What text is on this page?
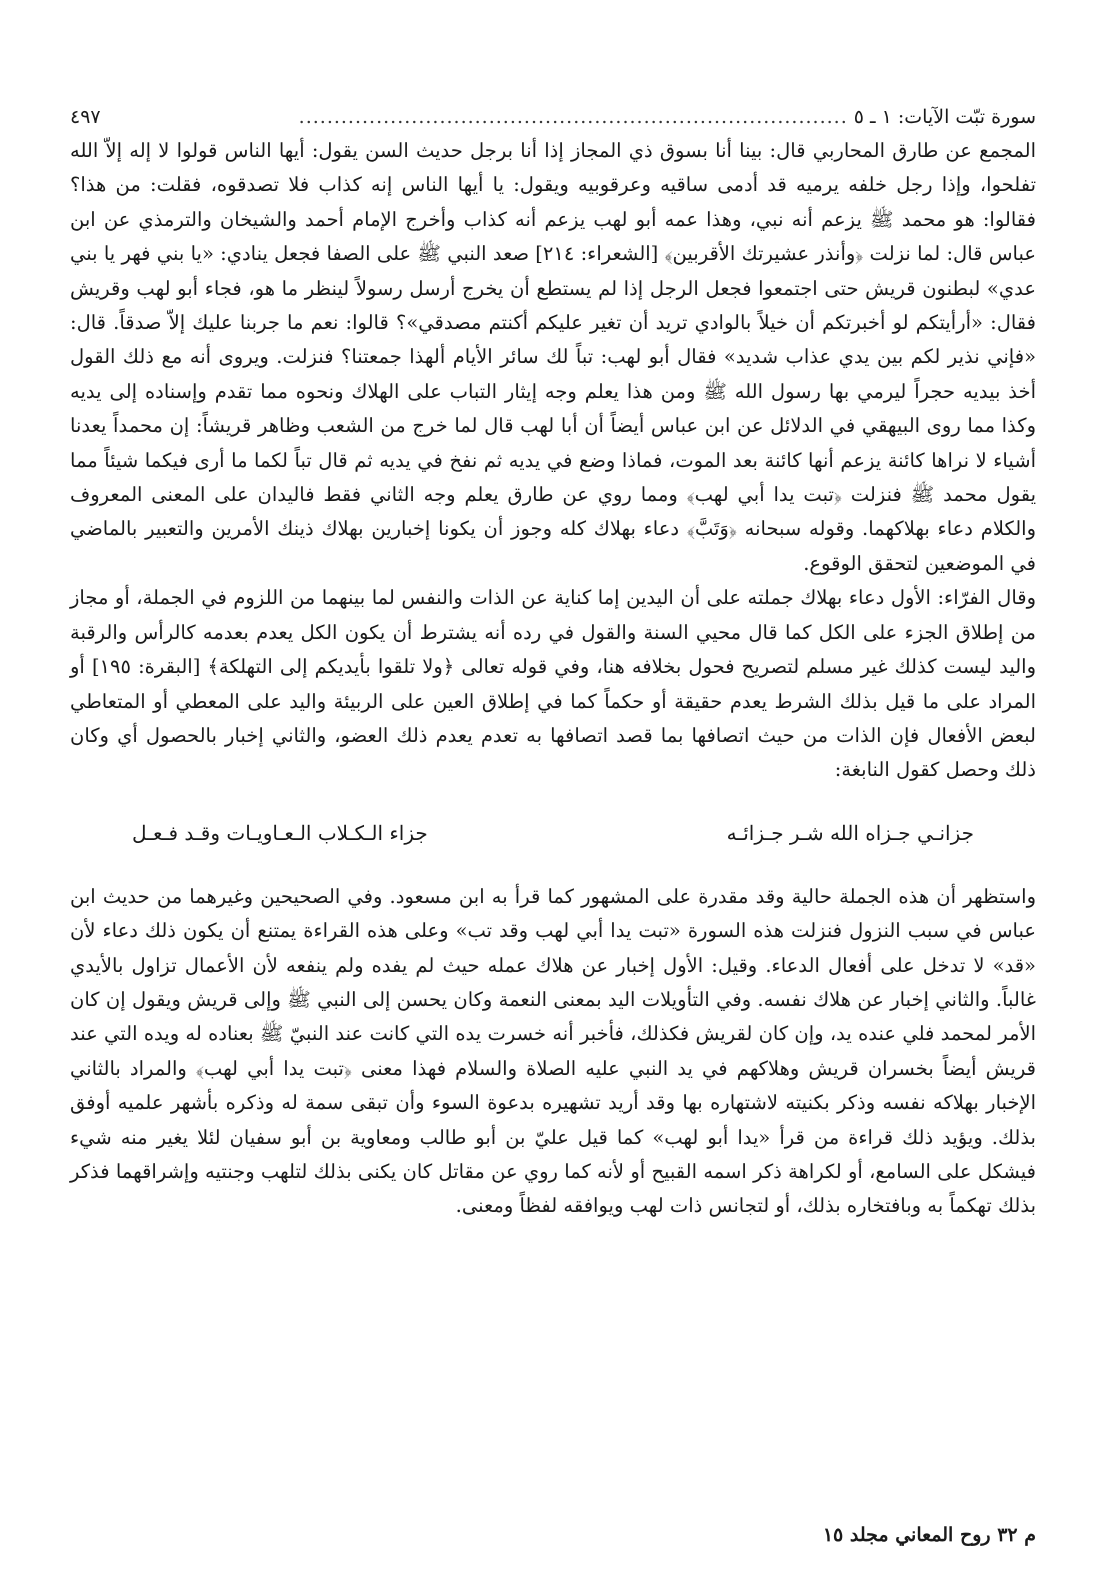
سورة تبّت الآيات: ١ ـ ٥
..............................................................................
٤٩٧

المجمع عن طارق المحاربي قال: بينا أنا بسوق ذي المجاز إذا أنا برجل حديث السن يقول: أيها الناس قولوا لا إله إلاّ الله تفلحوا، وإذا رجل خلفه يرميه قد أدمى ساقيه وعرقوبيه ويقول: يا أيها الناس إنه كذاب فلا تصدقوه، فقلت: من هذا؟ فقالوا: هو محمد ﷺ يزعم أنه نبي، وهذا عمه أبو لهب يزعم أنه كذاب وأخرج الإمام أحمد والشيخان والترمذي عن ابن عباس قال: لما نزلت ﴿وأنذر عشيرتك الأقربين﴾ [الشعراء: ٢١٤] صعد النبي ﷺ على الصفا فجعل ينادي: «يا بني فهر يا بني عدي» لبطنون قريش حتى اجتمعوا فجعل الرجل إذا لم يستطع أن يخرج أرسل رسولاً لينظر ما هو، فجاء أبو لهب وقريش فقال: «أرأيتكم لو أخبرتكم أن خيلاً بالوادي تريد أن تغير عليكم أكنتم مصدقي»؟ قالوا: نعم ما جربنا عليك إلاّ صدقاً. قال: «فإني نذير لكم بين يدي عذاب شديد» فقال أبو لهب: تباً لك سائر الأيام ألهذا جمعتنا؟ فنزلت. ويروى أنه مع ذلك القول أخذ بيديه حجراً ليرمي بها رسول الله ﷺ ومن هذا يعلم وجه إيثار التباب على الهلاك ونحوه مما تقدم وإسناده إلى يديه وكذا مما روى البيهقي في الدلائل عن ابن عباس أيضاً أن أبا لهب قال لما خرج من الشعب وظاهر قريشاً: إن محمداً يعدنا أشياء لا نراها كائنة يزعم أنها كائنة بعد الموت، فماذا وضع في يديه ثم نفخ في يديه ثم قال تباً لكما ما أرى فيكما شيئاً مما يقول محمد ﷺ فنزلت ﴿تبت يدا أبي لهب﴾ ومما روي عن طارق يعلم وجه الثاني فقط فاليدان على المعنى المعروف والكلام دعاء بهلاكهما. وقوله سبحانه ﴿وَتَبَّ﴾ دعاء بهلاك كله وجوز أن يكونا إخبارين بهلاك ذينك الأمرين والتعبير بالماضي في الموضعين لتحقق الوقوع.

وقال الفرّاء: الأول دعاء بهلاك جملته على أن اليدين إما كناية عن الذات والنفس لما بينهما من اللزوم في الجملة، أو مجاز من إطلاق الجزء على الكل كما قال محيي السنة والقول في رده أنه يشترط أن يكون الكل يعدم بعدمه كالرأس والرقبة واليد ليست كذلك غير مسلم لتصريح فحول بخلافه هنا، وفي قوله تعالى ﴿ولا تلقوا بأيديكم إلى التهلكة﴾ [البقرة: ١٩٥] أو المراد على ما قيل بذلك الشرط يعدم حقيقة أو حكماً كما في إطلاق العين على الربيئة واليد على المعطي أو المتعاطي لبعض الأفعال فإن الذات من حيث اتصافها بما قصد اتصافها به تعدم يعدم ذلك العضو، والثاني إخبار بالحصول أي وكان ذلك وحصل كقول النابغة:

جزانـي جـزاه الله شـر جـزائـه
جزاء الـكـلاب الـعـاويـات وقـد فـعـل

واستظهر أن هذه الجملة حالية وقد مقدرة على المشهور كما قرأ به ابن مسعود. وفي الصحيحين وغيرهما من حديث ابن عباس في سبب النزول فنزلت هذه السورة «تبت يدا أبي لهب وقد تب» وعلى هذه القراءة يمتنع أن يكون ذلك دعاء لأن «قد» لا تدخل على أفعال الدعاء. وقيل: الأول إخبار عن هلاك عمله حيث لم يفده ولم ينفعه لأن الأعمال تزاول بالأيدي غالباً. والثاني إخبار عن هلاك نفسه. وفي التأويلات اليد بمعنى النعمة وكان يحسن إلى النبي ﷺ وإلى قريش ويقول إن كان الأمر لمحمد فلي عنده يد، وإن كان لقريش فكذلك، فأخبر أنه خسرت يده التي كانت عند النبيّ ﷺ بعناده له ويده التي عند قريش أيضاً بخسران قريش وهلاكهم في يد النبي عليه الصلاة والسلام فهذا معنى ﴿تبت يدا أبي لهب﴾ والمراد بالثاني الإخبار بهلاكه نفسه وذكر بكنيته لاشتهاره بها وقد أريد تشهيره بدعوة السوء وأن تبقى سمة له وذكره بأشهر علميه أوفق بذلك. ويؤيد ذلك قراءة من قرأ «يدا أبو لهب» كما قيل عليّ بن أبو طالب ومعاوية بن أبو سفيان لئلا يغير منه شيء فيشكل على السامع، أو لكراهة ذكر اسمه القبيح أو لأنه كما روي عن مقاتل كان يكنى بذلك لتلهب وجنتيه وإشراقهما فذكر بذلك تهكماً به وبافتخاره بذلك، أو لتجانس ذات لهب ويوافقه لفظاً ومعنى.

م ٣٢ روح المعاني مجلد ١٥
